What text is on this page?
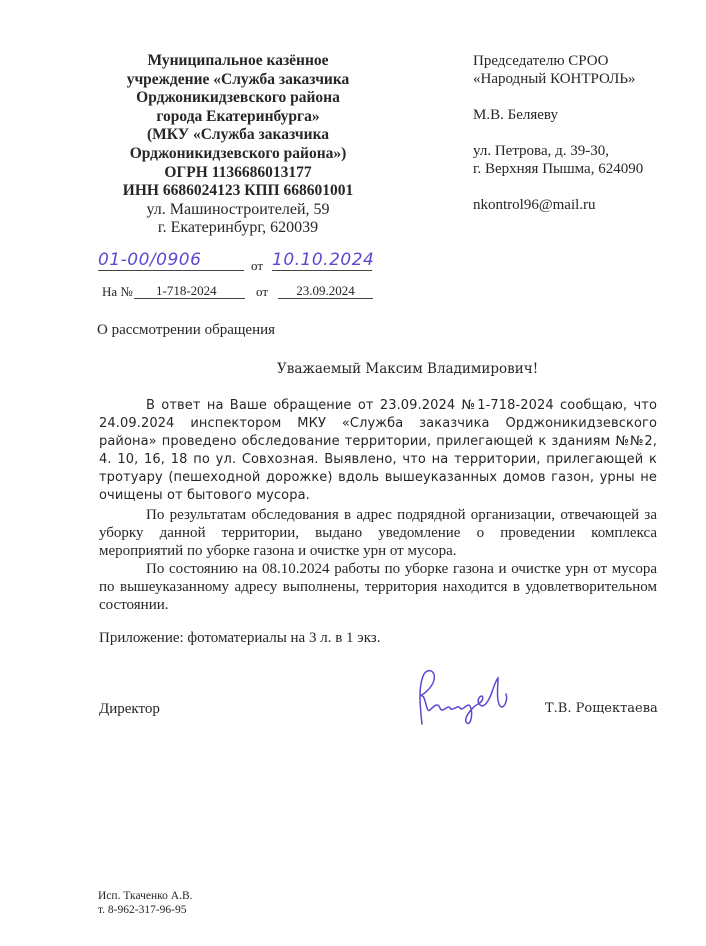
Муниципальное казённое
учреждение «Служба заказчика
Орджоникидзевского района
города Екатеринбурга»
(МКУ «Служба заказчика
Орджоникидзевского района»)
ОГРН 1136686013177
ИНН 6686024123 КПП 668601001
ул. Машиностроителей, 59
г. Екатеринбург, 620039
01-00/0906	от 10.10.2024
На №	1-718-2024	от	23.09.2024
Председателю СРОО
«Народный КОНТРОЛЬ»
М.В. Беляеву
ул. Петрова, д. 39-30,
г. Верхняя Пышма, 624090
nkontrol96@mail.ru
О рассмотрении обращения
Уважаемый Максим Владимирович!

В ответ на Ваше обращение от 23.09.2024 №1-718-2024 сообщаю, что 24.09.2024 инспектором МКУ «Служба заказчика Орджоникидзевского района» проведено обследование территории, прилегающей к зданиям №№2, 4. 10, 16, 18 по ул. Совхозная. Выявлено, что на территории, прилегающей к тротуару (пешеходной дорожке) вдоль вышеуказанных домов газон, урны не очищены от бытового мусора.

По результатам обследования в адрес подрядной организации, отвечающей за уборку данной территории, выдано уведомление о проведении комплекса мероприятий по уборке газона и очистке урн от мусора.

По состоянию на 08.10.2024 работы по уборке газона и очистке урн от мусора по вышеуказанному адресу выполнены, территория находится в удовлетворительном состоянии.

Приложение: фотоматериалы на 3 л. в 1 экз.
Директор	Т.В. Рощектаева
Исп. Ткаченко А.В.
т. 8-962-317-96-95
